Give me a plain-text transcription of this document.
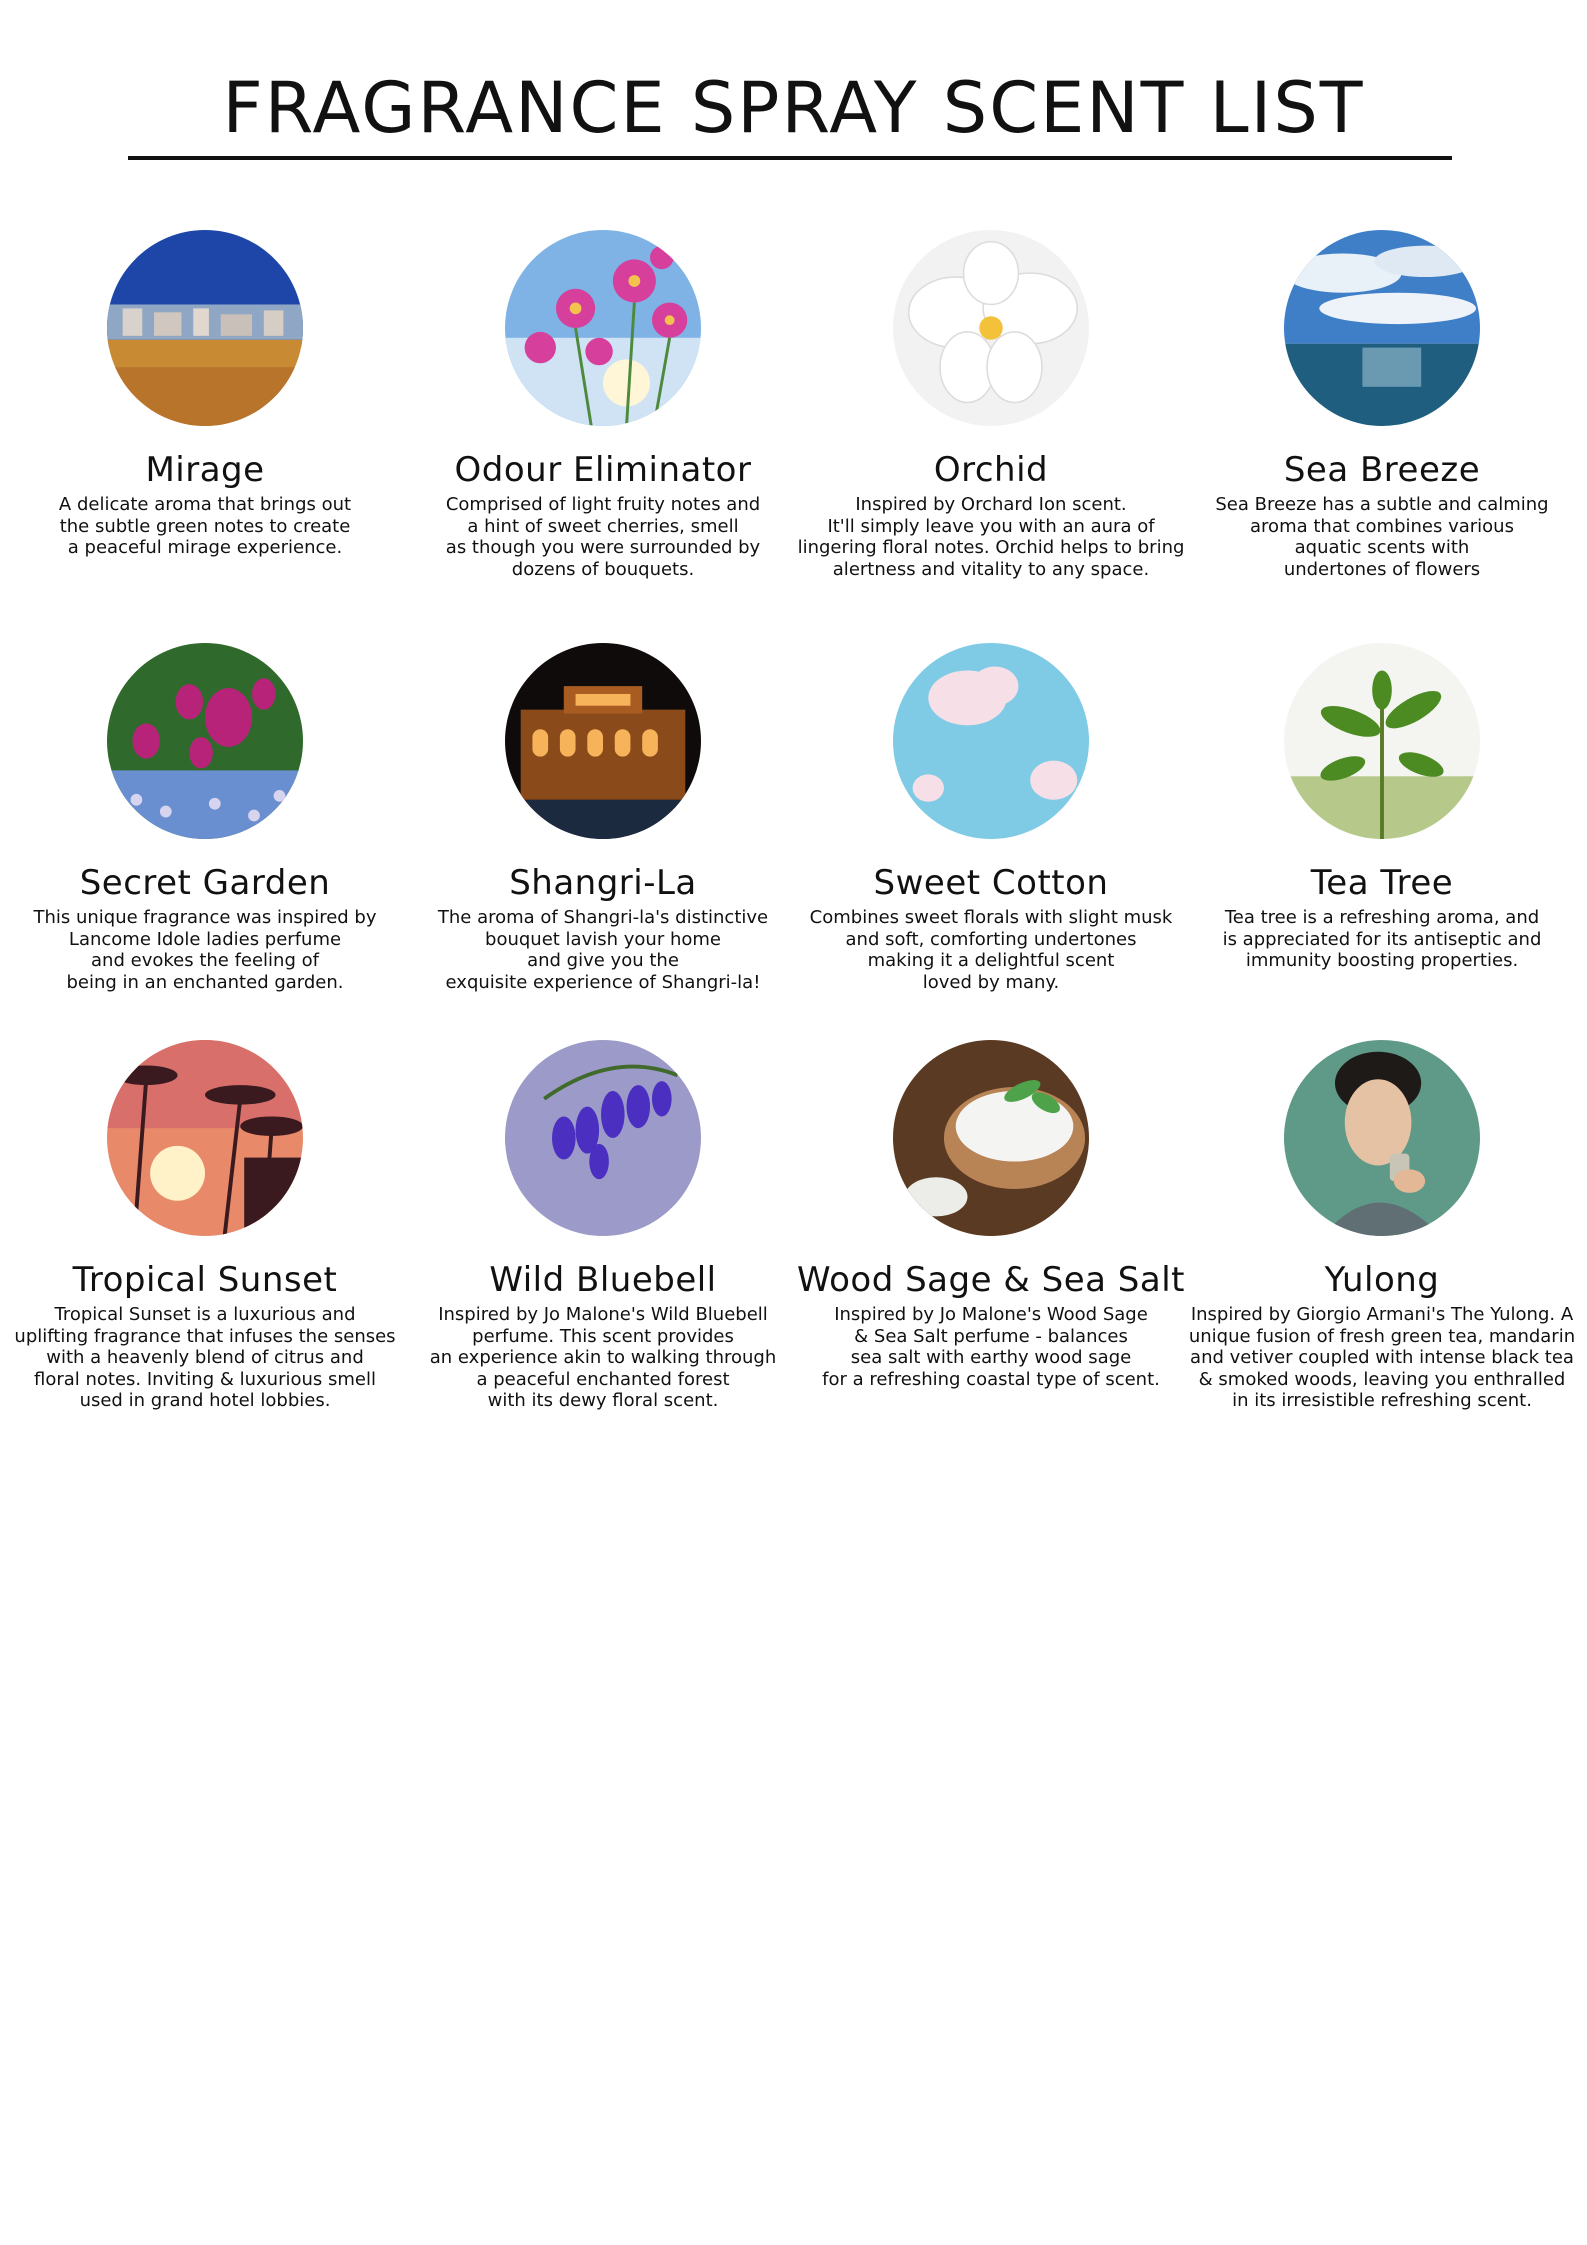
FRAGRANCE SPRAY SCENT LIST
Mirage

A delicate aroma that brings out
the subtle green notes to create
a peaceful mirage experience.

Odour Eliminator

Comprised of light fruity notes and
a hint of sweet cherries, smell
as though you were surrounded by
dozens of bouquets.

Orchid

Inspired by Orchard Ion scent.
It'll simply leave you with an aura of
lingering floral notes. Orchid helps to bring
alertness and vitality to any space.

Sea Breeze

Sea Breeze has a subtle and calming
aroma that combines various
aquatic scents with
undertones of flowers

Secret Garden

This unique fragrance was inspired by
Lancome Idole ladies perfume
and evokes the feeling of
being in an enchanted garden.

Shangri-La

The aroma of Shangri-la's distinctive
bouquet lavish your home
and give you the
exquisite experience of Shangri-la!

Sweet Cotton

Combines sweet florals with slight musk
and soft, comforting undertones
making it a delightful scent
loved by many.

Tea Tree

Tea tree is a refreshing aroma, and
is appreciated for its antiseptic and
immunity boosting properties.

Tropical Sunset

Tropical Sunset is a luxurious and
uplifting fragrance that infuses the senses
with a heavenly blend of citrus and
floral notes. Inviting & luxurious smell
used in grand hotel lobbies.

Wild Bluebell

Inspired by Jo Malone's Wild Bluebell
perfume. This scent provides
an experience akin to walking through
a peaceful enchanted forest
with its dewy floral scent.

Wood Sage & Sea Salt

Inspired by Jo Malone's Wood Sage
& Sea Salt perfume - balances
sea salt with earthy wood sage
for a refreshing coastal type of scent.

Yulong

Inspired by Giorgio Armani's The Yulong. A
unique fusion of fresh green tea, mandarin
and vetiver coupled with intense black tea
& smoked woods, leaving you enthralled
in its irresistible refreshing scent.
